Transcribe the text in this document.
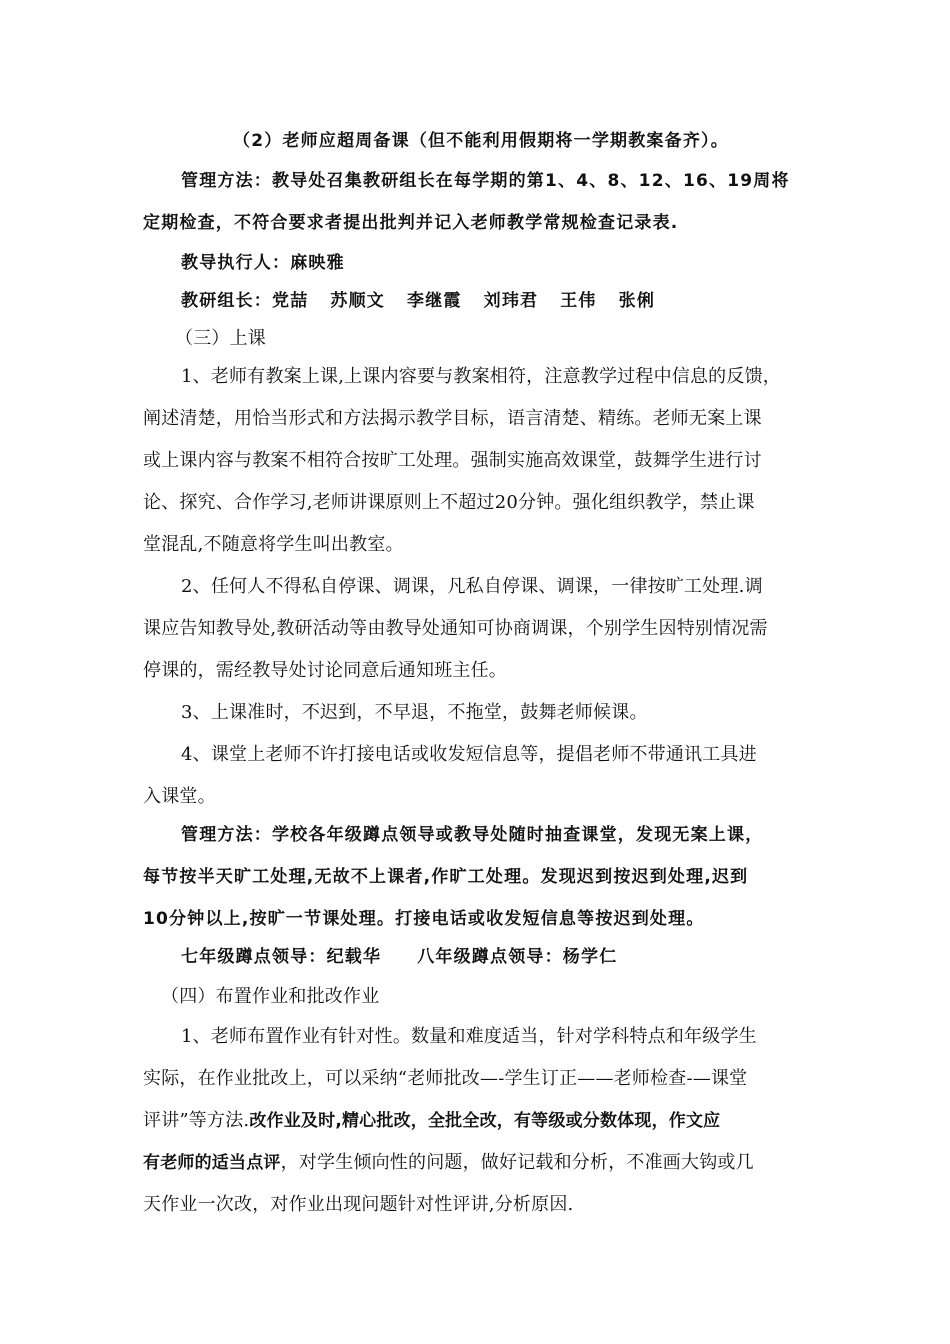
（2）老师应超周备课（但不能利用假期将一学期教案备齐）。
管理方法：教导处召集教研组长在每学期的第1、4、8、12、16、19周将
定期检查，不符合要求者提出批判并记入老师教学常规检查记录表.
教导执行人：麻映雅
教研组长：党喆 苏顺文 李继霞 刘玮君 王伟 张俐
（三）上课
1、老师有教案上课,上课内容要与教案相符，注意教学过程中信息的反馈，
阐述清楚，用恰当形式和方法揭示教学目标，语言清楚、精练。老师无案上课
或上课内容与教案不相符合按旷工处理。强制实施高效课堂，鼓舞学生进行讨
论、探究、合作学习,老师讲课原则上不超过20分钟。强化组织教学，禁止课
堂混乱,不随意将学生叫出教室。
2、任何人不得私自停课、调课，凡私自停课、调课，一律按旷工处理.调
课应告知教导处,教研活动等由教导处通知可协商调课，个别学生因特别情况需
停课的，需经教导处讨论同意后通知班主任。
3、上课准时，不迟到，不早退，不拖堂，鼓舞老师候课。
4、课堂上老师不许打接电话或收发短信息等，提倡老师不带通讯工具进
入课堂。
管理方法：学校各年级蹲点领导或教导处随时抽查课堂，发现无案上课，
每节按半天旷工处理,无故不上课者,作旷工处理。发现迟到按迟到处理,迟到
10分钟以上,按旷一节课处理。打接电话或收发短信息等按迟到处理。
七年级蹲点领导：纪载华 八年级蹲点领导：杨学仁
（四）布置作业和批改作业
1、老师布置作业有针对性。数量和难度适当，针对学科特点和年级学生
实际，在作业批改上，可以采纳“老师批改—-学生订正——老师检查-—课堂
评讲”等方法.改作业及时,精心批改，全批全改，有等级或分数体现，作文应
有老师的适当点评，对学生倾向性的问题，做好记载和分析，不准画大钩或几
天作业一次改，对作业出现问题针对性评讲,分析原因.
